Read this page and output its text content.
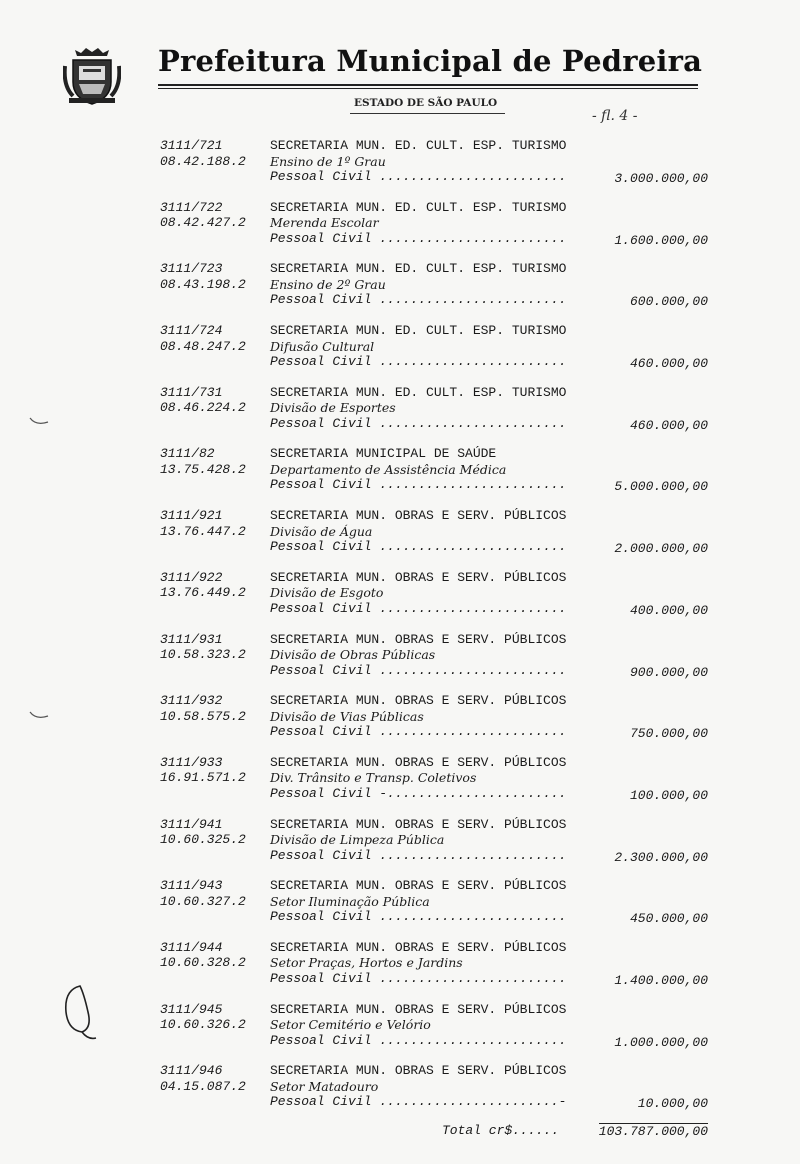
Prefeitura Municipal de Pedreira
ESTADO DE SÃO PAULO
- fl. 4 -
3111/721
08.42.188.2
SECRETARIA MUN. ED. CULT. ESP. TURISMO
Ensino de 1º Grau
Pessoal Civil ........................	3.000.000,00
3111/722
08.42.427.2
SECRETARIA MUN. ED. CULT. ESP. TURISMO
Merenda Escolar
Pessoal Civil ........................	1.600.000,00
3111/723
08.43.198.2
SECRETARIA MUN. ED. CULT. ESP. TURISMO
Ensino de 2º Grau
Pessoal Civil ........................	600.000,00
3111/724
08.48.247.2
SECRETARIA MUN. ED. CULT. ESP. TURISMO
Difusão Cultural
Pessoal Civil ........................	460.000,00
3111/731
08.46.224.2
SECRETARIA MUN. ED. CULT. ESP. TURISMO
Divisão de Esportes
Pessoal Civil ........................	460.000,00
3111/82
13.75.428.2
SECRETARIA MUNICIPAL DE SAÚDE
Departamento de Assistência Médica
Pessoal Civil ........................	5.000.000,00
3111/921
13.76.447.2
SECRETARIA MUN. OBRAS E SERV. PÚBLICOS
Divisão de Água
Pessoal Civil ........................	2.000.000,00
3111/922
13.76.449.2
SECRETARIA MUN. OBRAS E SERV. PÚBLICOS
Divisão de Esgoto
Pessoal Civil ........................	400.000,00
3111/931
10.58.323.2
SECRETARIA MUN. OBRAS E SERV. PÚBLICOS
Divisão de Obras Públicas
Pessoal Civil ........................	900.000,00
3111/932
10.58.575.2
SECRETARIA MUN. OBRAS E SERV. PÚBLICOS
Divisão de Vias Públicas
Pessoal Civil ........................	750.000,00
3111/933
16.91.571.2
SECRETARIA MUN. OBRAS E SERV. PÚBLICOS
Div. Trânsito e Transp. Coletivos
Pessoal Civil -.......................	100.000,00
3111/941
10.60.325.2
SECRETARIA MUN. OBRAS E SERV. PÚBLICOS
Divisão de Limpeza Pública
Pessoal Civil ........................	2.300.000,00
3111/943
10.60.327.2
SECRETARIA MUN. OBRAS E SERV. PÚBLICOS
Setor Iluminação Pública
Pessoal Civil ........................	450.000,00
3111/944
10.60.328.2
SECRETARIA MUN. OBRAS E SERV. PÚBLICOS
Setor Praças, Hortos e Jardins
Pessoal Civil ........................	1.400.000,00
3111/945
10.60.326.2
SECRETARIA MUN. OBRAS E SERV. PÚBLICOS
Setor Cemitério e Velório
Pessoal Civil ........................	1.000.000,00
3111/946
04.15.087.2
SECRETARIA MUN. OBRAS E SERV. PÚBLICOS
Setor Matadouro
Pessoal Civil .......................-	10.000,00
Total cr$......	103.787.000,00
